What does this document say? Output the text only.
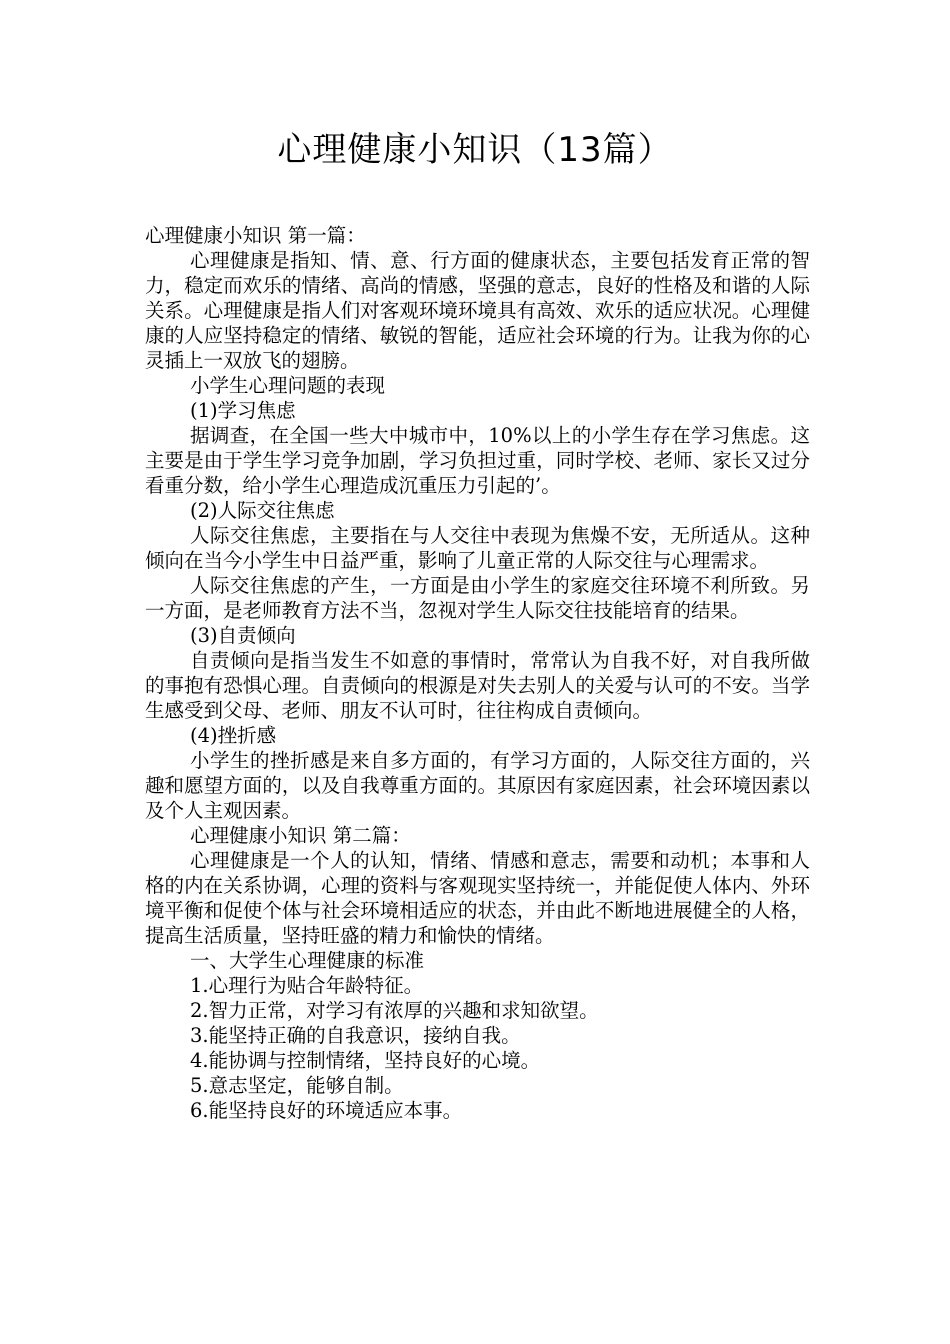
心理健康小知识（13篇）

心理健康小知识 第一篇：

心理健康是指知、情、意、行方面的健康状态，主要包括发育正常的智力，稳定而欢乐的情绪、高尚的情感，坚强的意志，良好的性格及和谐的人际关系。心理健康是指人们对客观环境环境具有高效、欢乐的适应状况。心理健康的人应坚持稳定的情绪、敏锐的智能，适应社会环境的行为。让我为你的心灵插上一双放飞的翅膀。

小学生心理问题的表现

(1)学习焦虑

据调查，在全国一些大中城市中，10%以上的小学生存在学习焦虑。这主要是由于学生学习竞争加剧，学习负担过重，同时学校、老师、家长又过分看重分数，给小学生心理造成沉重压力引起的’。

(2)人际交往焦虑

人际交往焦虑，主要指在与人交往中表现为焦燥不安，无所适从。这种倾向在当今小学生中日益严重，影响了儿童正常的人际交往与心理需求。

人际交往焦虑的产生，一方面是由小学生的家庭交往环境不利所致。另一方面，是老师教育方法不当，忽视对学生人际交往技能培育的结果。

(3)自责倾向

自责倾向是指当发生不如意的事情时，常常认为自我不好，对自我所做的事抱有恐惧心理。自责倾向的根源是对失去别人的关爱与认可的不安。当学生感受到父母、老师、朋友不认可时，往往构成自责倾向。

(4)挫折感

小学生的挫折感是来自多方面的，有学习方面的，人际交往方面的，兴趣和愿望方面的，以及自我尊重方面的。其原因有家庭因素，社会环境因素以及个人主观因素。

心理健康小知识 第二篇：

心理健康是一个人的认知，情绪、情感和意志，需要和动机；本事和人格的内在关系协调，心理的资料与客观现实坚持统一，并能促使人体内、外环境平衡和促使个体与社会环境相适应的状态，并由此不断地进展健全的人格，提高生活质量，坚持旺盛的精力和愉快的情绪。

一、大学生心理健康的标准

1.心理行为贴合年龄特征。

2.智力正常，对学习有浓厚的兴趣和求知欲望。

3.能坚持正确的自我意识，接纳自我。

4.能协调与控制情绪，坚持良好的心境。

5.意志坚定，能够自制。

6.能坚持良好的环境适应本事。
